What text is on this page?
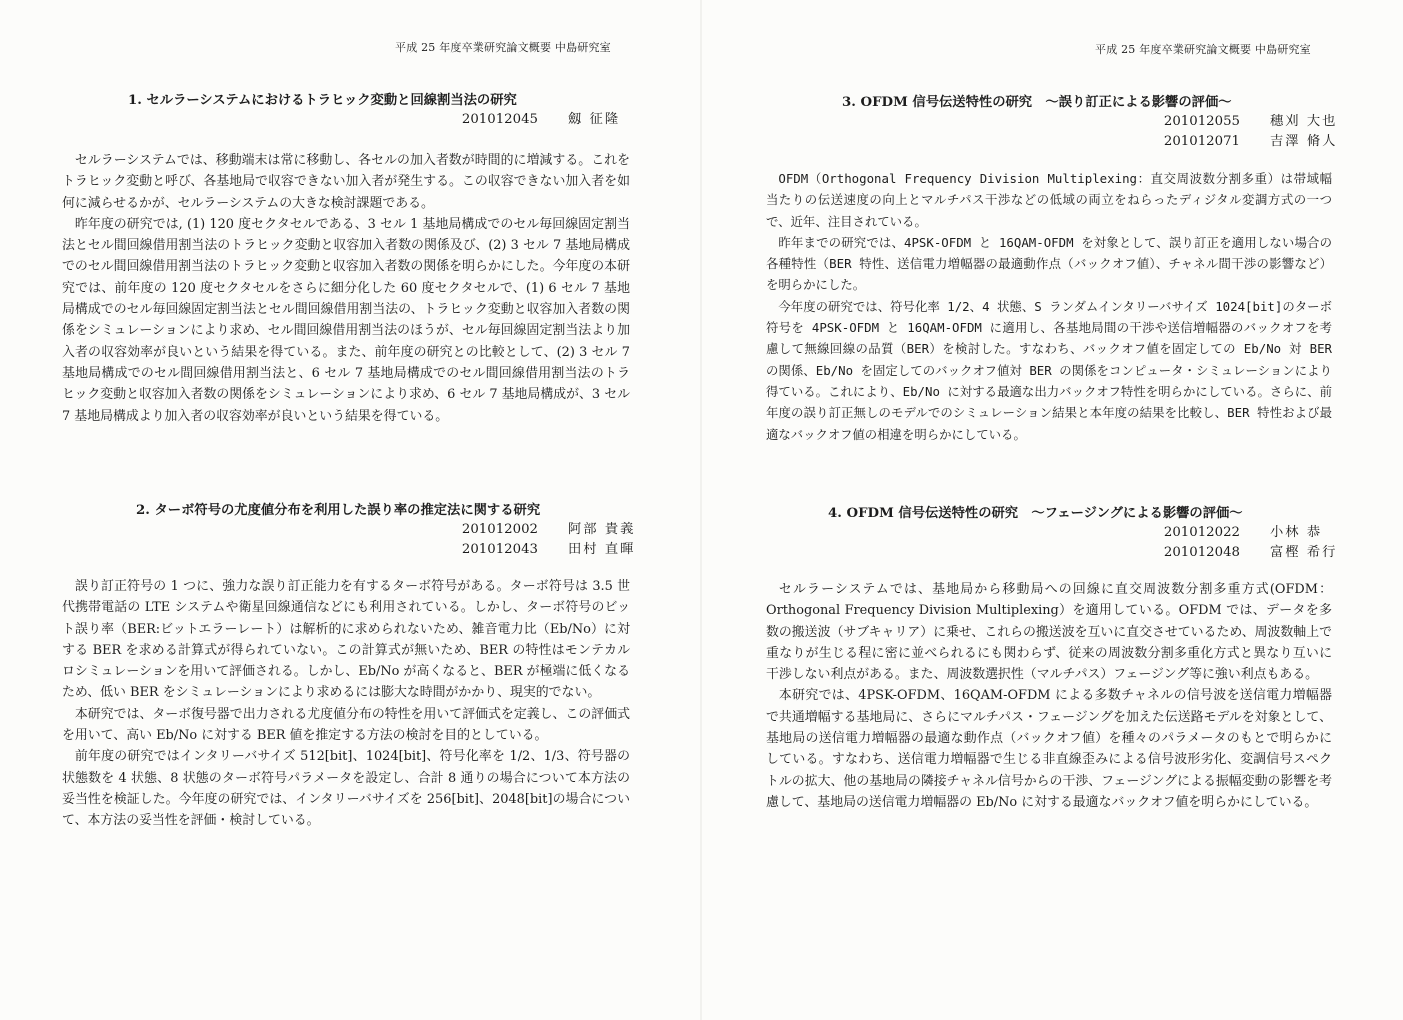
平成 25 年度卒業研究論文概要 中島研究室
1. セルラーシステムにおけるトラヒック変動と回線割当法の研究
201012045 劔 征隆

セルラーシステムでは、移動端末は常に移動し、各セルの加入者数が時間的に増減する。これをトラヒック変動と呼び、各基地局で収容できない加入者が発生する。この収容できない加入者を如何に減らせるかが、セルラーシステムの大きな検討課題である。

昨年度の研究では, (1) 120 度セクタセルである、3 セル 1 基地局構成でのセル毎回線固定割当法とセル間回線借用割当法のトラヒック変動と収容加入者数の関係及び、(2) 3 セル 7 基地局構成でのセル間回線借用割当法のトラヒック変動と収容加入者数の関係を明らかにした。今年度の本研究では、前年度の 120 度セクタセルをさらに細分化した 60 度セクタセルで、(1) 6 セル 7 基地局構成でのセル毎回線固定割当法とセル間回線借用割当法の、トラヒック変動と収容加入者数の関係をシミュレーションにより求め、セル間回線借用割当法のほうが、セル毎回線固定割当法より加入者の収容効率が良いという結果を得ている。また、前年度の研究との比較として、(2) 3 セル 7 基地局構成でのセル間回線借用割当法と、6 セル 7 基地局構成でのセル間回線借用割当法のトラヒック変動と収容加入者数の関係をシミュレーションにより求め、6 セル 7 基地局構成が、3 セル 7 基地局構成より加入者の収容効率が良いという結果を得ている。

2. ターボ符号の尤度値分布を利用した誤り率の推定法に関する研究
201012002 阿部 貴義
201012043 田村 直暉

誤り訂正符号の 1 つに、強力な誤り訂正能力を有するターボ符号がある。ターボ符号は 3.5 世代携帯電話の LTE システムや衛星回線通信などにも利用されている。しかし、ターボ符号のビット誤り率（BER:ビットエラーレート）は解析的に求められないため、雑音電力比（Eb/No）に対する BER を求める計算式が得られていない。この計算式が無いため、BER の特性はモンテカルロシミュレーションを用いて評価される。しかし、Eb/No が高くなると、BER が極端に低くなるため、低い BER をシミュレーションにより求めるには膨大な時間がかかり、現実的でない。

本研究では、ターボ復号器で出力される尤度値分布の特性を用いて評価式を定義し、この評価式を用いて、高い Eb/No に対する BER 値を推定する方法の検討を目的としている。

前年度の研究ではインタリーバサイズ 512[bit]、1024[bit]、符号化率を 1/2、1/3、符号器の状態数を 4 状態、8 状態のターボ符号パラメータを設定し、合計 8 通りの場合について本方法の妥当性を検証した。今年度の研究では、インタリーバサイズを 256[bit]、2048[bit]の場合について、本方法の妥当性を評価・検討している。

平成 25 年度卒業研究論文概要 中島研究室
3. OFDM 信号伝送特性の研究　～誤り訂正による影響の評価～
201012055 穗刈 大也
201012071 吉澤 脩人

OFDM（Orthogonal Frequency Division Multiplexing：直交周波数分割多重）は帯域幅当たりの伝送速度の向上とマルチパス干渉などの低域の両立をねらったディジタル変調方式の一つで、近年、注目されている。

昨年までの研究では、4PSK-OFDM と 16QAM-OFDM を対象として、誤り訂正を適用しない場合の各種特性（BER 特性、送信電力増幅器の最適動作点（バックオフ値）、チャネル間干渉の影響など）を明らかにした。

今年度の研究では、符号化率 1/2、4 状態、S ランダムインタリーバサイズ 1024[bit]のターボ符号を 4PSK-OFDM と 16QAM-OFDM に適用し、各基地局間の干渉や送信増幅器のバックオフを考慮して無線回線の品質（BER）を検討した。すなわち、バックオフ値を固定しての Eb/No 対 BER の関係、Eb/No を固定してのバックオフ値対 BER の関係をコンピュータ・シミュレーションにより得ている。これにより、Eb/No に対する最適な出力バックオフ特性を明らかにしている。さらに、前年度の誤り訂正無しのモデルでのシミュレーション結果と本年度の結果を比較し、BER 特性および最適なバックオフ値の相違を明らかにしている。

4. OFDM 信号伝送特性の研究　～フェージングによる影響の評価～
201012022 小林 恭
201012048 富樫 希行

セルラーシステムでは、基地局から移動局への回線に直交周波数分割多重方式(OFDM：Orthogonal Frequency Division Multiplexing）を適用している。OFDM では、データを多数の搬送波（サブキャリア）に乗せ、これらの搬送波を互いに直交させているため、周波数軸上で重なりが生じる程に密に並べられるにも関わらず、従来の周波数分割多重化方式と異なり互いに干渉しない利点がある。また、周波数選択性（マルチパス）フェージング等に強い利点もある。

本研究では、4PSK-OFDM、16QAM-OFDM による多数チャネルの信号波を送信電力増幅器で共通増幅する基地局に、さらにマルチパス・フェージングを加えた伝送路モデルを対象として、基地局の送信電力増幅器の最適な動作点（バックオフ値）を種々のパラメータのもとで明らかにしている。すなわち、送信電力増幅器で生じる非直線歪みによる信号波形劣化、変調信号スペクトルの拡大、他の基地局の隣接チャネル信号からの干渉、フェージングによる振幅変動の影響を考慮して、基地局の送信電力増幅器の Eb/No に対する最適なバックオフ値を明らかにしている。
